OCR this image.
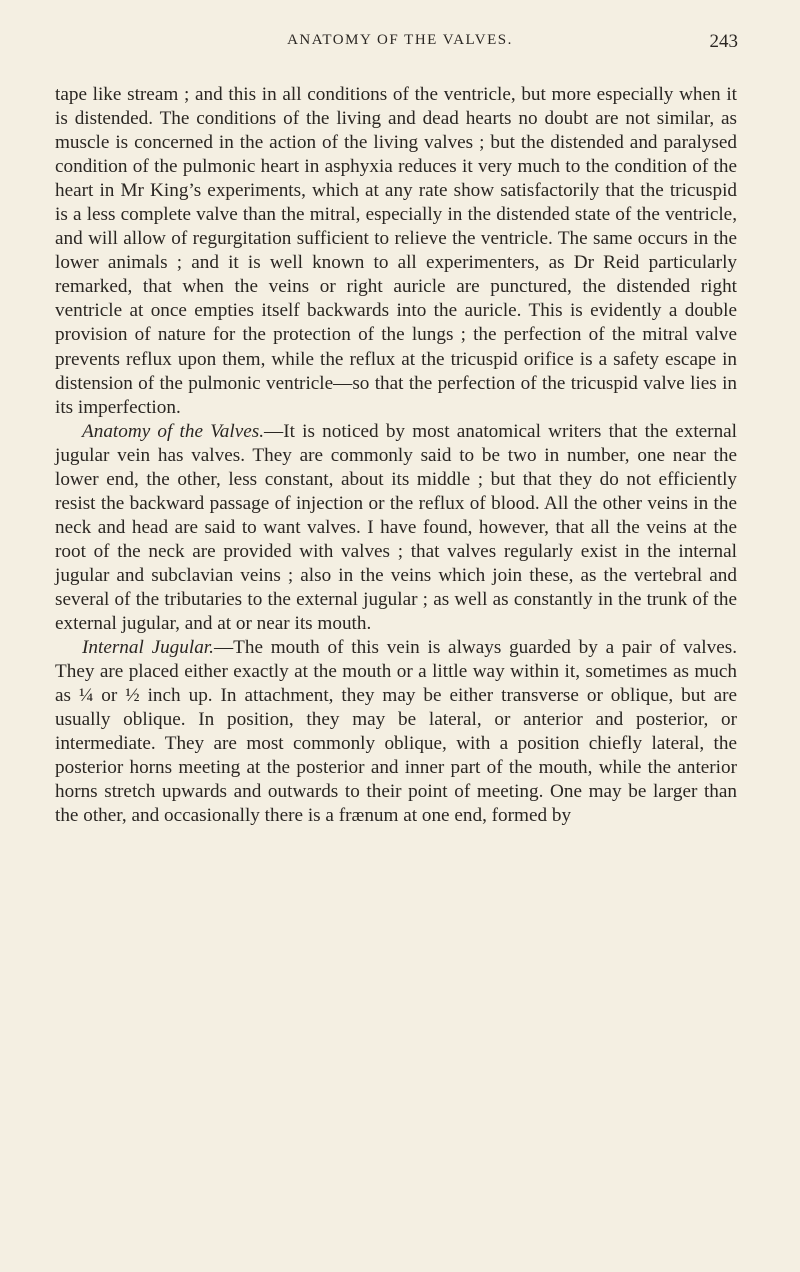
ANATOMY OF THE VALVES.	243

tape like stream ; and this in all conditions of the ventricle, but more especially when it is distended. The conditions of the living and dead hearts no doubt are not similar, as muscle is concerned in the action of the living valves ; but the distended and paralysed condition of the pulmonic heart in asphyxia reduces it very much to the condition of the heart in Mr King’s experiments, which at any rate show satisfactorily that the tricuspid is a less complete valve than the mitral, especially in the distended state of the ventricle, and will allow of regurgitation sufficient to relieve the ventricle. The same occurs in the lower animals ; and it is well known to all experimenters, as Dr Reid particularly remarked, that when the veins or right auricle are punctured, the distended right ventricle at once empties itself backwards into the auricle. This is evidently a double provision of nature for the protection of the lungs ; the perfection of the mitral valve prevents reflux upon them, while the reflux at the tricuspid orifice is a safety escape in distension of the pulmonic ventricle—so that the perfection of the tricuspid valve lies in its imperfection.

Anatomy of the Valves.—It is noticed by most anatomical writers that the external jugular vein has valves. They are commonly said to be two in number, one near the lower end, the other, less constant, about its middle ; but that they do not efficiently resist the backward passage of injection or the reflux of blood. All the other veins in the neck and head are said to want valves. I have found, however, that all the veins at the root of the neck are provided with valves ; that valves regularly exist in the internal jugular and subclavian veins ; also in the veins which join these, as the vertebral and several of the tributaries to the external jugular ; as well as constantly in the trunk of the external jugular, and at or near its mouth.

Internal Jugular.—The mouth of this vein is always guarded by a pair of valves. They are placed either exactly at the mouth or a little way within it, sometimes as much as ¼ or ½ inch up. In attachment, they may be either transverse or oblique, but are usually oblique. In position, they may be lateral, or anterior and posterior, or intermediate. They are most commonly oblique, with a position chiefly lateral, the posterior horns meeting at the posterior and inner part of the mouth, while the anterior horns stretch upwards and outwards to their point of meeting. One may be larger than the other, and occasionally there is a frænum at one end, formed by
